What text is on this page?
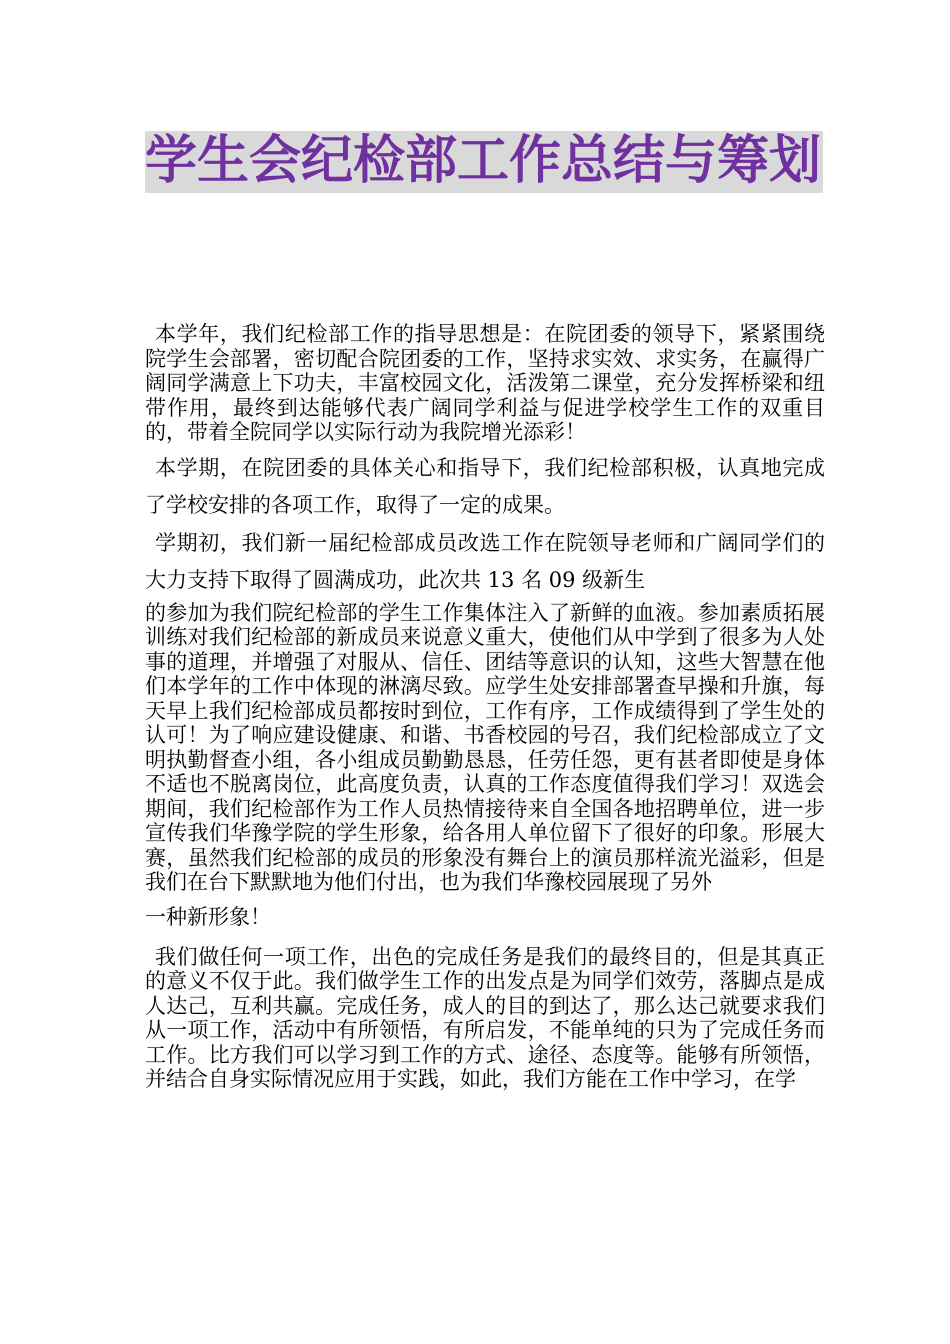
学生会纪检部工作总结与筹划

本学年，我们纪检部工作的指导思想是：在院团委的领导下，紧紧围绕院学生会部署，密切配合院团委的工作，坚持求实效、求实务，在赢得广阔同学满意上下功夫，丰富校园文化，活泼第二课堂，充分发挥桥梁和纽带作用，最终到达能够代表广阔同学利益与促进学校学生工作的双重目的，带着全院同学以实际行动为我院增光添彩！

本学期，在院团委的具体关心和指导下，我们纪检部积极，认真地完成了学校安排的各项工作，取得了一定的成果。

学期初，我们新一届纪检部成员改选工作在院领导老师和广阔同学们的大力支持下取得了圆满成功，此次共 13 名 09 级新生

的参加为我们院纪检部的学生工作集体注入了新鲜的血液。参加素质拓展训练对我们纪检部的新成员来说意义重大，使他们从中学到了很多为人处事的道理，并增强了对服从、信任、团结等意识的认知，这些大智慧在他们本学年的工作中体现的淋漓尽致。应学生处安排部署查早操和升旗，每天早上我们纪检部成员都按时到位，工作有序，工作成绩得到了学生处的认可！为了响应建设健康、和谐、书香校园的号召，我们纪检部成立了文明执勤督查小组，各小组成员勤勤恳恳，任劳任怨，更有甚者即使是身体不适也不脱离岗位，此高度负责，认真的工作态度值得我们学习！双选会期间，我们纪检部作为工作人员热情接待来自全国各地招聘单位，进一步宣传我们华豫学院的学生形象，给各用人单位留下了很好的印象。形展大赛，虽然我们纪检部的成员的形象没有舞台上的演员那样流光溢彩，但是我们在台下默默地为他们付出，也为我们华豫校园展现了另外

一种新形象！

我们做任何一项工作，出色的完成任务是我们的最终目的，但是其真正的意义不仅于此。我们做学生工作的出发点是为同学们效劳，落脚点是成人达己，互利共赢。完成任务，成人的目的到达了，那么达己就要求我们从一项工作，活动中有所领悟，有所启发，不能单纯的只为了完成任务而工作。比方我们可以学习到工作的方式、途径、态度等。能够有所领悟，并结合自身实际情况应用于实践，如此，我们方能在工作中学习，在学
